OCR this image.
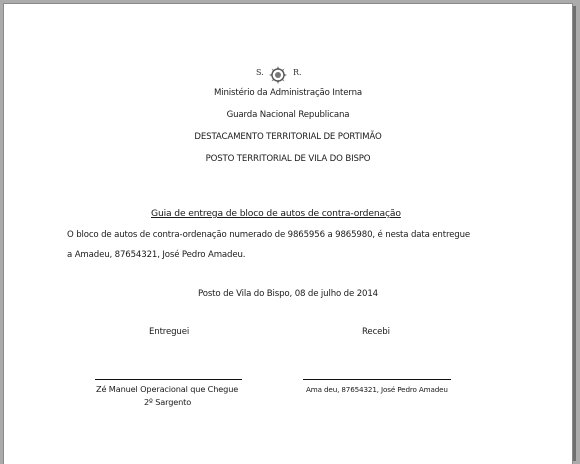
S.	R.
Ministério da Administração Interna
Guarda Nacional Republicana
DESTACAMENTO TERRITORIAL DE PORTIMÃO
POSTO TERRITORIAL DE VILA DO BISPO
Guia de entrega de bloco de autos de contra-ordenação
O bloco de autos de contra-ordenação numerado de 9865956 a 9865980, é nesta data entregue
a Amadeu, 87654321, José Pedro Amadeu.
Posto de Vila do Bispo, 08 de julho de 2014
Entreguei	Recebi
Zé Manuel Operacional que Chegue
2º Sargento
Ama deu, 87654321, José Pedro Amadeu
